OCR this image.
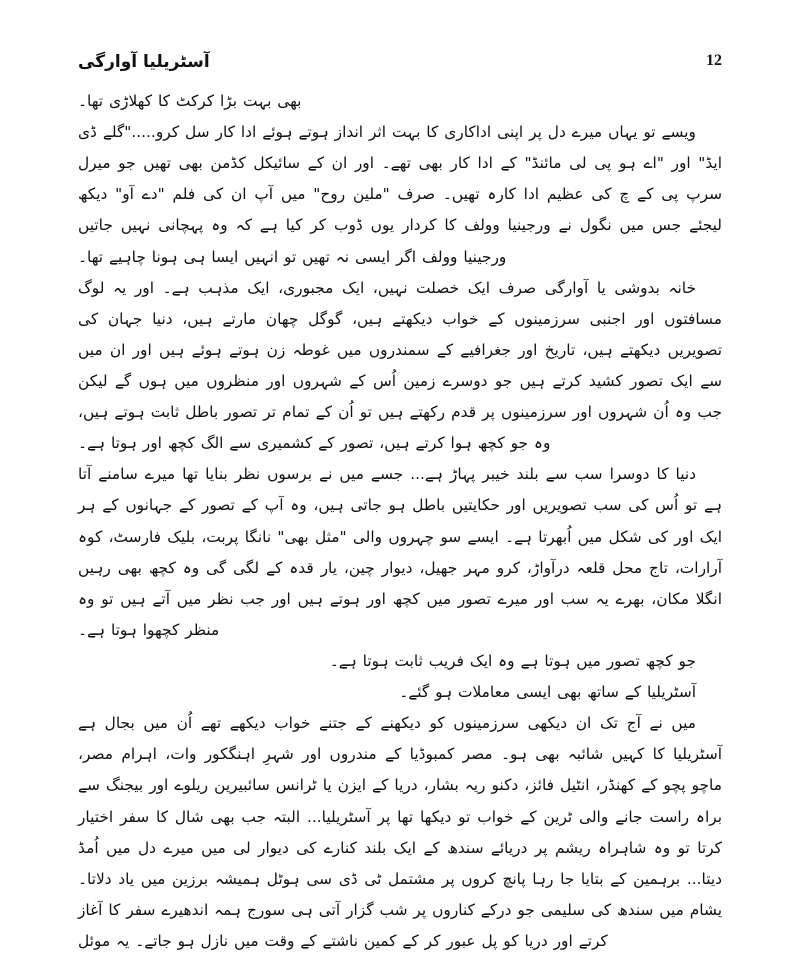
آسٹریلیا آوارگی	12

بھی بہت بڑا کرکٹ کا کھلاڑی تھا۔

ویسے تو یہاں میرے دل پر اپنی اداکاری کا بہت اثر انداز ہوتے ہوئے ادا کار سل کرو....."گلے ڈی ایڈ" اور "اے ہو پی لی مائنڈ" کے ادا کار بھی تھے۔ اور ان کے سائیکل کڈمن بھی تھیں جو میرل سرپ پی کے چ کی عظیم ادا کارہ تھیں۔ صرف "ملین روح" میں آپ ان کی فلم "دے آو" دیکھ لیجئے جس میں نگول نے ورجینیا وولف کا کردار یوں ڈوب کر کیا ہے کہ وہ پہچانی نہیں جاتیں ورجینیا وولف اگر ایسی نہ تھیں تو انہیں ایسا ہی ہونا چاہیے تھا۔

خانہ بدوشی یا آوارگی صرف ایک خصلت نہیں، ایک مجبوری، ایک مذہب ہے۔ اور یہ لوگ مسافتوں اور اجنبی سرزمینوں کے خواب دیکھتے ہیں، گوگل چھان مارتے ہیں، دنیا جہان کی تصویریں دیکھتے ہیں، تاریخ اور جغرافیے کے سمندروں میں غوطہ زن ہوتے ہوئے ہیں اور ان میں سے ایک تصور کشید کرتے ہیں جو دوسرے زمین اُس کے شہروں اور منظروں میں ہوں گے لیکن جب وہ اُن شہروں اور سرزمینوں پر قدم رکھتے ہیں تو اُن کے تمام تر تصور باطل ثابت ہوتے ہیں، وہ جو کچھ ہوا کرتے ہیں، تصور کے کشمیری سے الگ کچھ اور ہوتا ہے۔

دنیا کا دوسرا سب سے بلند خیبر پہاڑ ہے... جسے میں نے برسوں نظر بنایا تھا میرے سامنے آتا ہے تو اُس کی سب تصویریں اور حکایتیں باطل ہو جاتی ہیں، وہ آپ کے تصور کے جہانوں کے ہر ایک اور کی شکل میں اُبھرتا ہے۔ ایسے سو چہروں والی "مثل بھی" نانگا پربت، بلیک فارسٹ، کوہ آرارات، تاج محل قلعہ درآواڑ، کرو مہر جھیل، دیوار چین، یار قدہ کے لگی گی وہ کچھ بھی رہیں انگلا مکان، بھرے یہ سب اور میرے تصور میں کچھ اور ہوتے ہیں اور جب نظر میں آتے ہیں تو وہ منظر کچھوا ہوتا ہے۔

جو کچھ تصور میں ہوتا ہے وہ ایک فریب ثابت ہوتا ہے۔

آسٹریلیا کے ساتھ بھی ایسی معاملات ہو گئے۔

میں نے آج تک ان دیکھی سرزمینوں کو دیکھنے کے جتنے خواب دیکھے تھے اُن میں بجال ہے آسٹریلیا کا کہیں شائبہ بھی ہو۔ مصر کمبوڈیا کے مندروں اور شہرِ اہنگکور وات، اہرام مصر، ماچو پچو کے کھنڈر، انٹیل فائز، دکنو ریہ بشار، دریا کے ایزن یا ٹرانس سائبیرین ریلوے اور بیجنگ سے براہ راست جانے والی ٹرین کے خواب تو دیکھا تھا پر آسٹریلیا... البتہ جب بھی شال کا سفر اختیار کرتا تو وہ شاہراہ ریشم پر دریائے سندھ کے ایک بلند کنارے کی دیوار لی میں میرے دل میں اُمڈ دیتا... برہمین کے بتایا جا رہا پانچ کروں پر مشتمل ٹی ڈی سی ہوٹل ہمیشہ برزین میں یاد دلاتا۔ یشام میں سندھ کی سلیمی جو درکے کناروں پر شب گزار آتی ہی سورج ہمہ اندھیرے سفر کا آغاز کرتے اور دریا کو پل عبور کر کے کمین ناشتے کے وقت میں نازل ہو جاتے۔ یہ موئل
